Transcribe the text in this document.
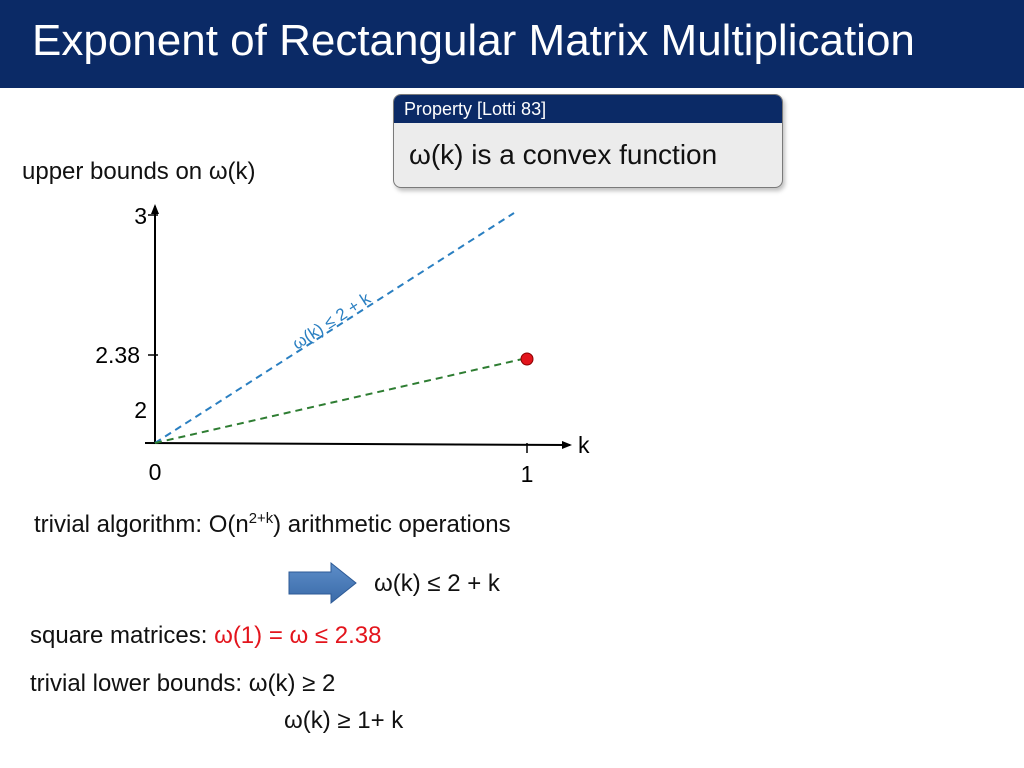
Exponent of Rectangular Matrix Multiplication
Property [Lotti 83]
ω(k) is a convex function
upper bounds on ω(k)
3
2.38
2
0	1
k
ω(k) ≤ 2 + k
trivial algorithm: $O(n^{2+k})$ arithmetic operations
ω(k) ≤ 2 + k
square matrices: ω(1) = ω ≤ 2.38
trivial lower bounds: ω(k) ≥ 2
ω(k) ≥ 1+ k
